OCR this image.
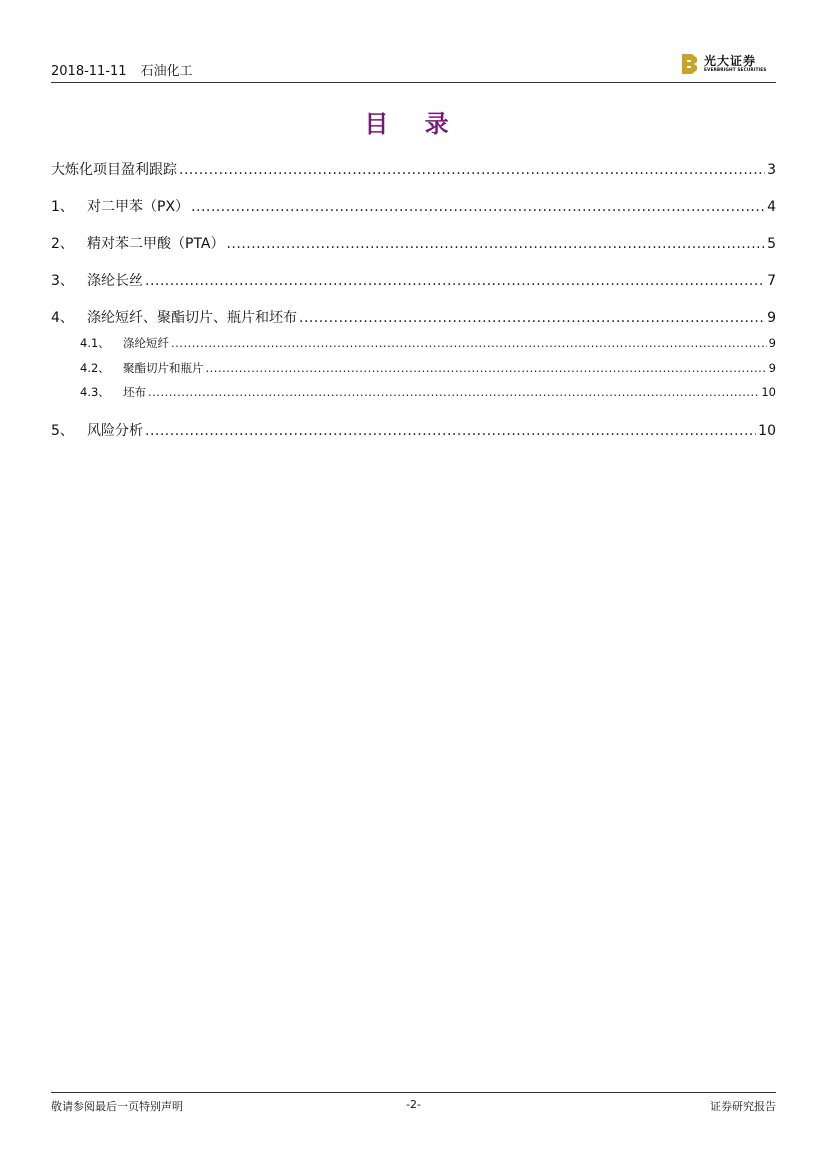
2018-11-11 石油化工
光大证券
EVERBRIGHT SECURITIES
目 录
大炼化项目盈利跟踪 .....	3
1、 对二甲苯（PX） .....	4
2、 精对苯二甲酸（PTA） .....	5
3、 涤纶长丝 .....	7
4、 涤纶短纤、聚酯切片、瓶片和坯布 .....	9
4.1、	涤纶短纤 .....	9
4.2、	聚酯切片和瓶片 .....	9
4.3、	坯布 .....	10
5、 风险分析 .....	10
敬请参阅最后一页特别声明	-2-	证券研究报告
